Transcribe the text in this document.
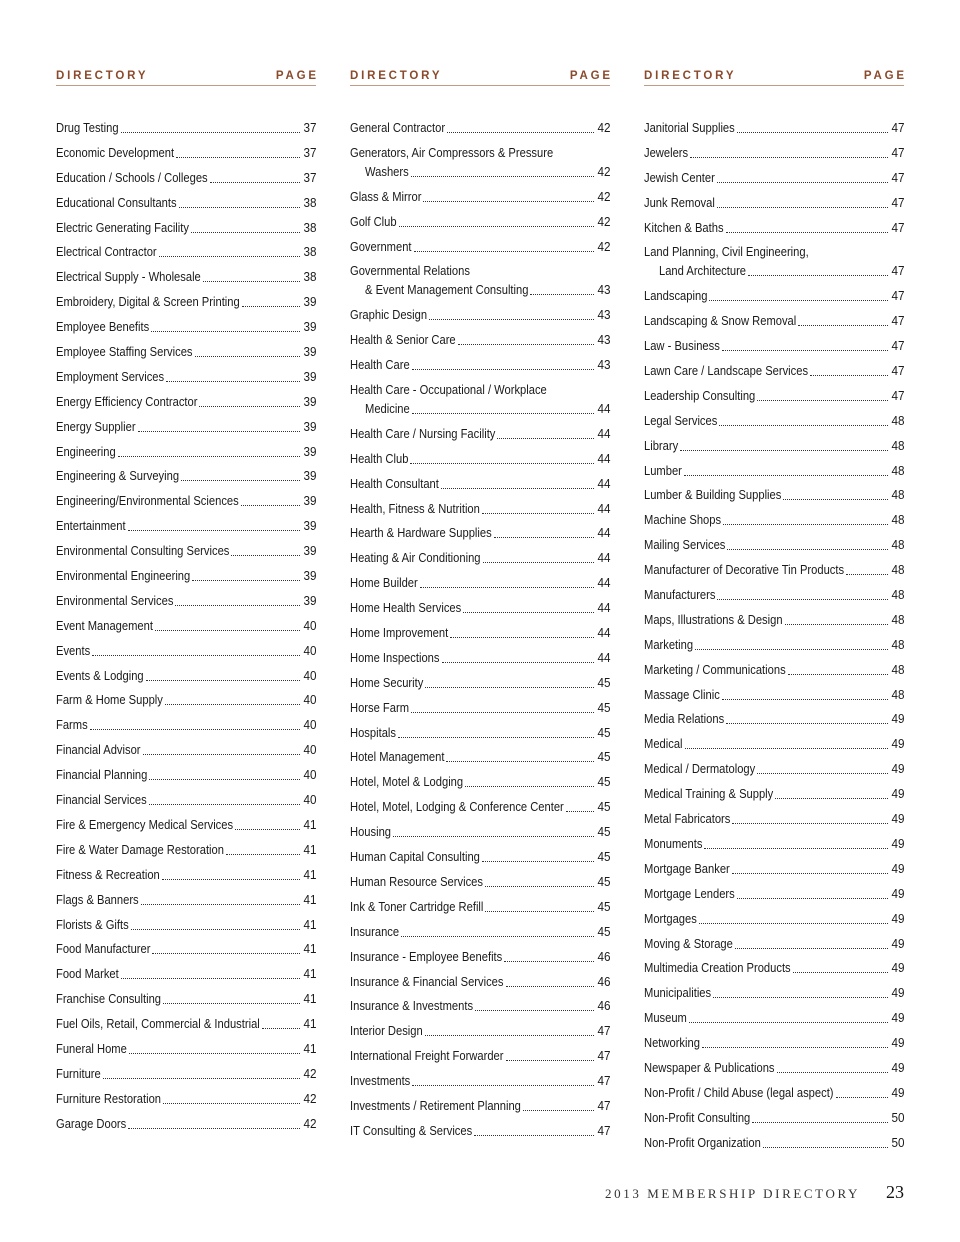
DIRECTORY	PAGE
Drug Testing	37
Economic Development	37
Education / Schools / Colleges	37
Educational Consultants	38
Electric Generating Facility	38
Electrical Contractor	38
Electrical Supply - Wholesale	38
Embroidery, Digital & Screen Printing	39
Employee Benefits	39
Employee Staffing Services	39
Employment Services	39
Energy Efficiency Contractor	39
Energy Supplier	39
Engineering	39
Engineering & Surveying	39
Engineering/Environmental Sciences	39
Entertainment	39
Environmental Consulting Services	39
Environmental Engineering	39
Environmental Services	39
Event Management	40
Events	40
Events & Lodging	40
Farm & Home Supply	40
Farms	40
Financial Advisor	40
Financial Planning	40
Financial Services	40
Fire & Emergency Medical Services	41
Fire & Water Damage Restoration	41
Fitness & Recreation	41
Flags & Banners	41
Florists & Gifts	41
Food Manufacturer	41
Food Market	41
Franchise Consulting	41
Fuel Oils, Retail, Commercial & Industrial	41
Funeral Home	41
Furniture	42
Furniture Restoration	42
Garage Doors	42
DIRECTORY	PAGE
General Contractor	42
Generators, Air Compressors & Pressure
Washers	42
Glass & Mirror	42
Golf Club	42
Government	42
Governmental Relations
& Event Management Consulting	43
Graphic Design	43
Health & Senior Care	43
Health Care	43
Health Care - Occupational / Workplace
Medicine	44
Health Care / Nursing Facility	44
Health Club	44
Health Consultant	44
Health, Fitness & Nutrition	44
Hearth & Hardware Supplies	44
Heating & Air Conditioning	44
Home Builder	44
Home Health Services	44
Home Improvement	44
Home Inspections	44
Home Security	45
Horse Farm	45
Hospitals	45
Hotel Management	45
Hotel, Motel & Lodging	45
Hotel, Motel, Lodging & Conference Center	45
Housing	45
Human Capital Consulting	45
Human Resource Services	45
Ink & Toner Cartridge Refill	45
Insurance	45
Insurance - Employee Benefits	46
Insurance & Financial Services	46
Insurance & Investments	46
Interior Design	47
International Freight Forwarder	47
Investments	47
Investments / Retirement Planning	47
IT Consulting & Services	47
DIRECTORY	PAGE
Janitorial Supplies	47
Jewelers	47
Jewish Center	47
Junk Removal	47
Kitchen & Baths	47
Land Planning, Civil Engineering,
Land Architecture	47
Landscaping	47
Landscaping & Snow Removal	47
Law - Business	47
Lawn Care / Landscape Services	47
Leadership Consulting	47
Legal Services	48
Library	48
Lumber	48
Lumber & Building Supplies	48
Machine Shops	48
Mailing Services	48
Manufacturer of Decorative Tin Products	48
Manufacturers	48
Maps, Illustrations & Design	48
Marketing	48
Marketing / Communications	48
Massage Clinic	48
Media Relations	49
Medical	49
Medical / Dermatology	49
Medical Training & Supply	49
Metal Fabricators	49
Monuments	49
Mortgage Banker	49
Mortgage Lenders	49
Mortgages	49
Moving & Storage	49
Multimedia Creation Products	49
Municipalities	49
Museum	49
Networking	49
Newspaper & Publications	49
Non-Profit / Child Abuse (legal aspect)	49
Non-Profit Consulting	50
Non-Profit Organization	50
2013 MEMBERSHIP DIRECTORY 23
